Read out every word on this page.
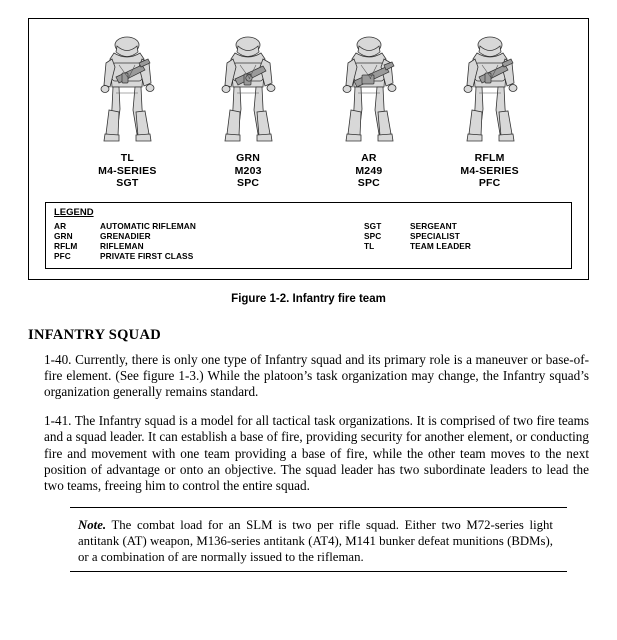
TL
M4-SERIES
SGT
GRN
M203
SPC
AR
M249
SPC
RFLM
M4-SERIES
PFC
LEGEND
AR	AUTOMATIC RIFLEMAN
GRN	GRENADIER
RFLM	RIFLEMAN
PFC	PRIVATE FIRST CLASS
SGT	SERGEANT
SPC	SPECIALIST
TL	TEAM LEADER
Figure 1-2. Infantry fire team
INFANTRY SQUAD

1-40. Currently, there is only one type of Infantry squad and its primary role is a maneuver or base-of-fire element. (See figure 1-3.) While the platoon’s task organization may change, the Infantry squad’s organization generally remains standard.

1-41. The Infantry squad is a model for all tactical task organizations. It is comprised of two fire teams and a squad leader. It can establish a base of fire, providing security for another element, or conducting fire and movement with one team providing a base of fire, while the other team moves to the next position of advantage or onto an objective. The squad leader has two subordinate leaders to lead the two teams, freeing him to control the entire squad.

Note. The combat load for an SLM is two per rifle squad. Either two M72-series light antitank (AT) weapon, M136-series antitank (AT4), M141 bunker defeat munitions (BDMs), or a combination of are normally issued to the rifleman.
